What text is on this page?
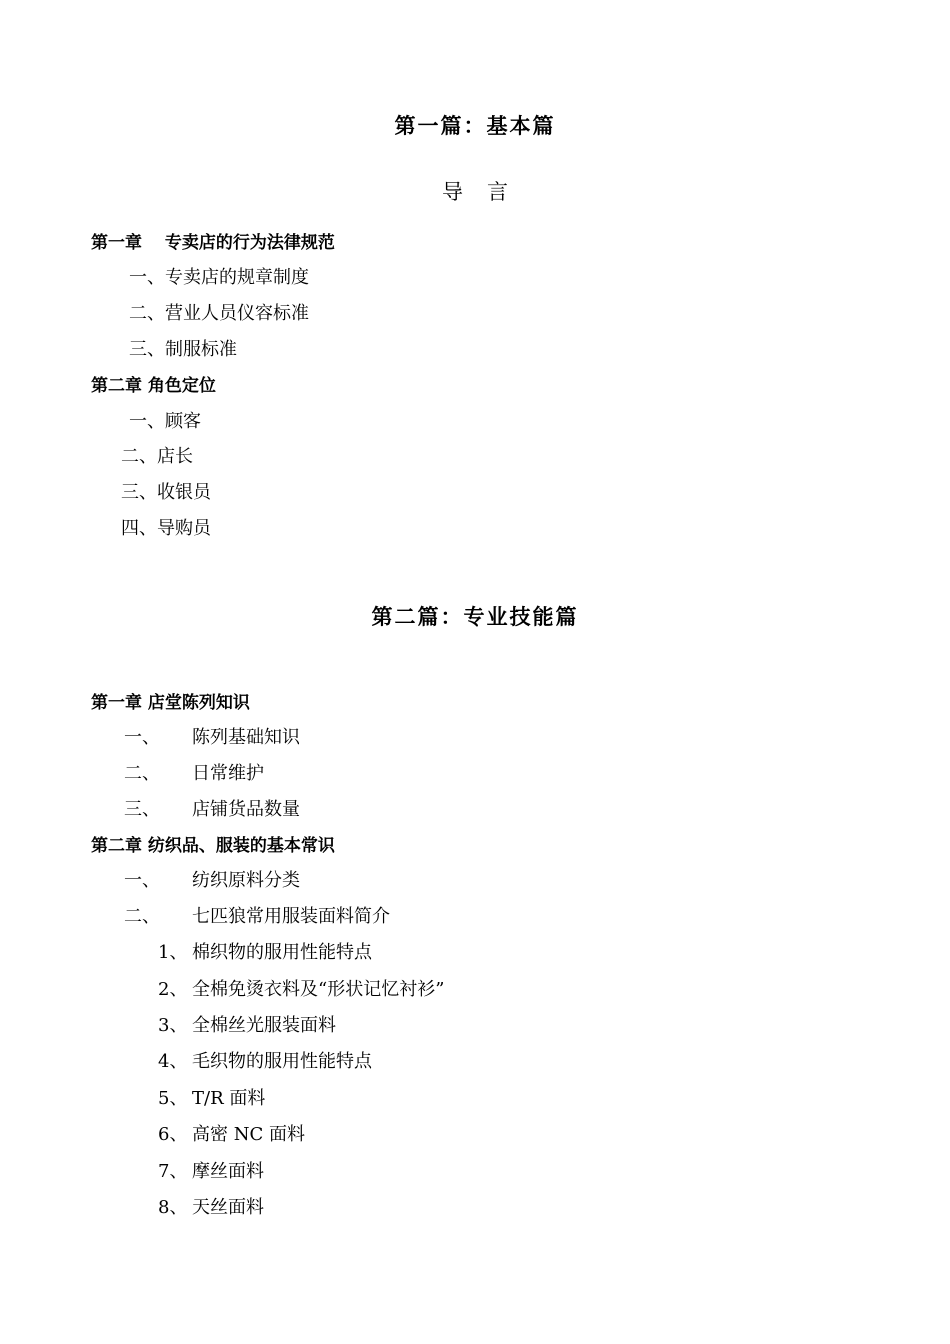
第一篇：基本篇
导 言
第一章　 专卖店的行为法律规范
一、专卖店的规章制度
二、营业人员仪容标准
三、制服标准
第二章 角色定位
一、顾客
二、店长
三、收银员
四、导购员
第二篇：专业技能篇
第一章 店堂陈列知识
一、 陈列基础知识
二、 日常维护
三、 店铺货品数量
第二章 纺织品、服装的基本常识
一、 纺织原料分类
二、 七匹狼常用服装面料简介
1、 棉织物的服用性能特点
2、 全棉免烫衣料及“形状记忆衬衫”
3、 全棉丝光服装面料
4、 毛织物的服用性能特点
5、 T/R 面料
6、 高密 NC 面料
7、 摩丝面料
8、 天丝面料
